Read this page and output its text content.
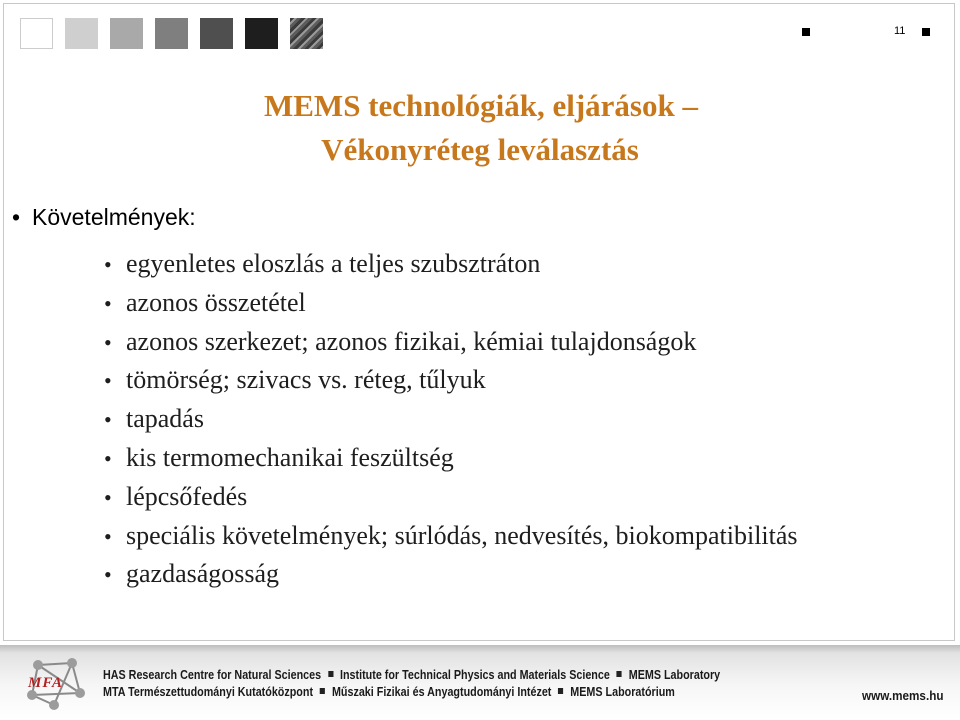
11
MEMS technológiák, eljárások –
Vékonyréteg leválasztás
• Követelmények:
• egyenletes eloszlás a teljes szubsztráton
• azonos összetétel
• azonos szerkezet; azonos fizikai, kémiai tulajdonságok
• tömörség; szivacs vs. réteg, tűlyuk
• tapadás
• kis termomechanikai feszültség
• lépcsőfedés
• speciális követelmények; súrlódás, nedvesítés, biokompatibilitás
• gazdaságosság
MFA	HAS Research Centre for Natural Sciences Institute for Technical Physics and Materials Science MEMS Laboratory
MTA Természettudományi Kutatóközpont Műszaki Fizikai és Anyagtudományi Intézet MEMS Laboratórium	www.mems.hu
